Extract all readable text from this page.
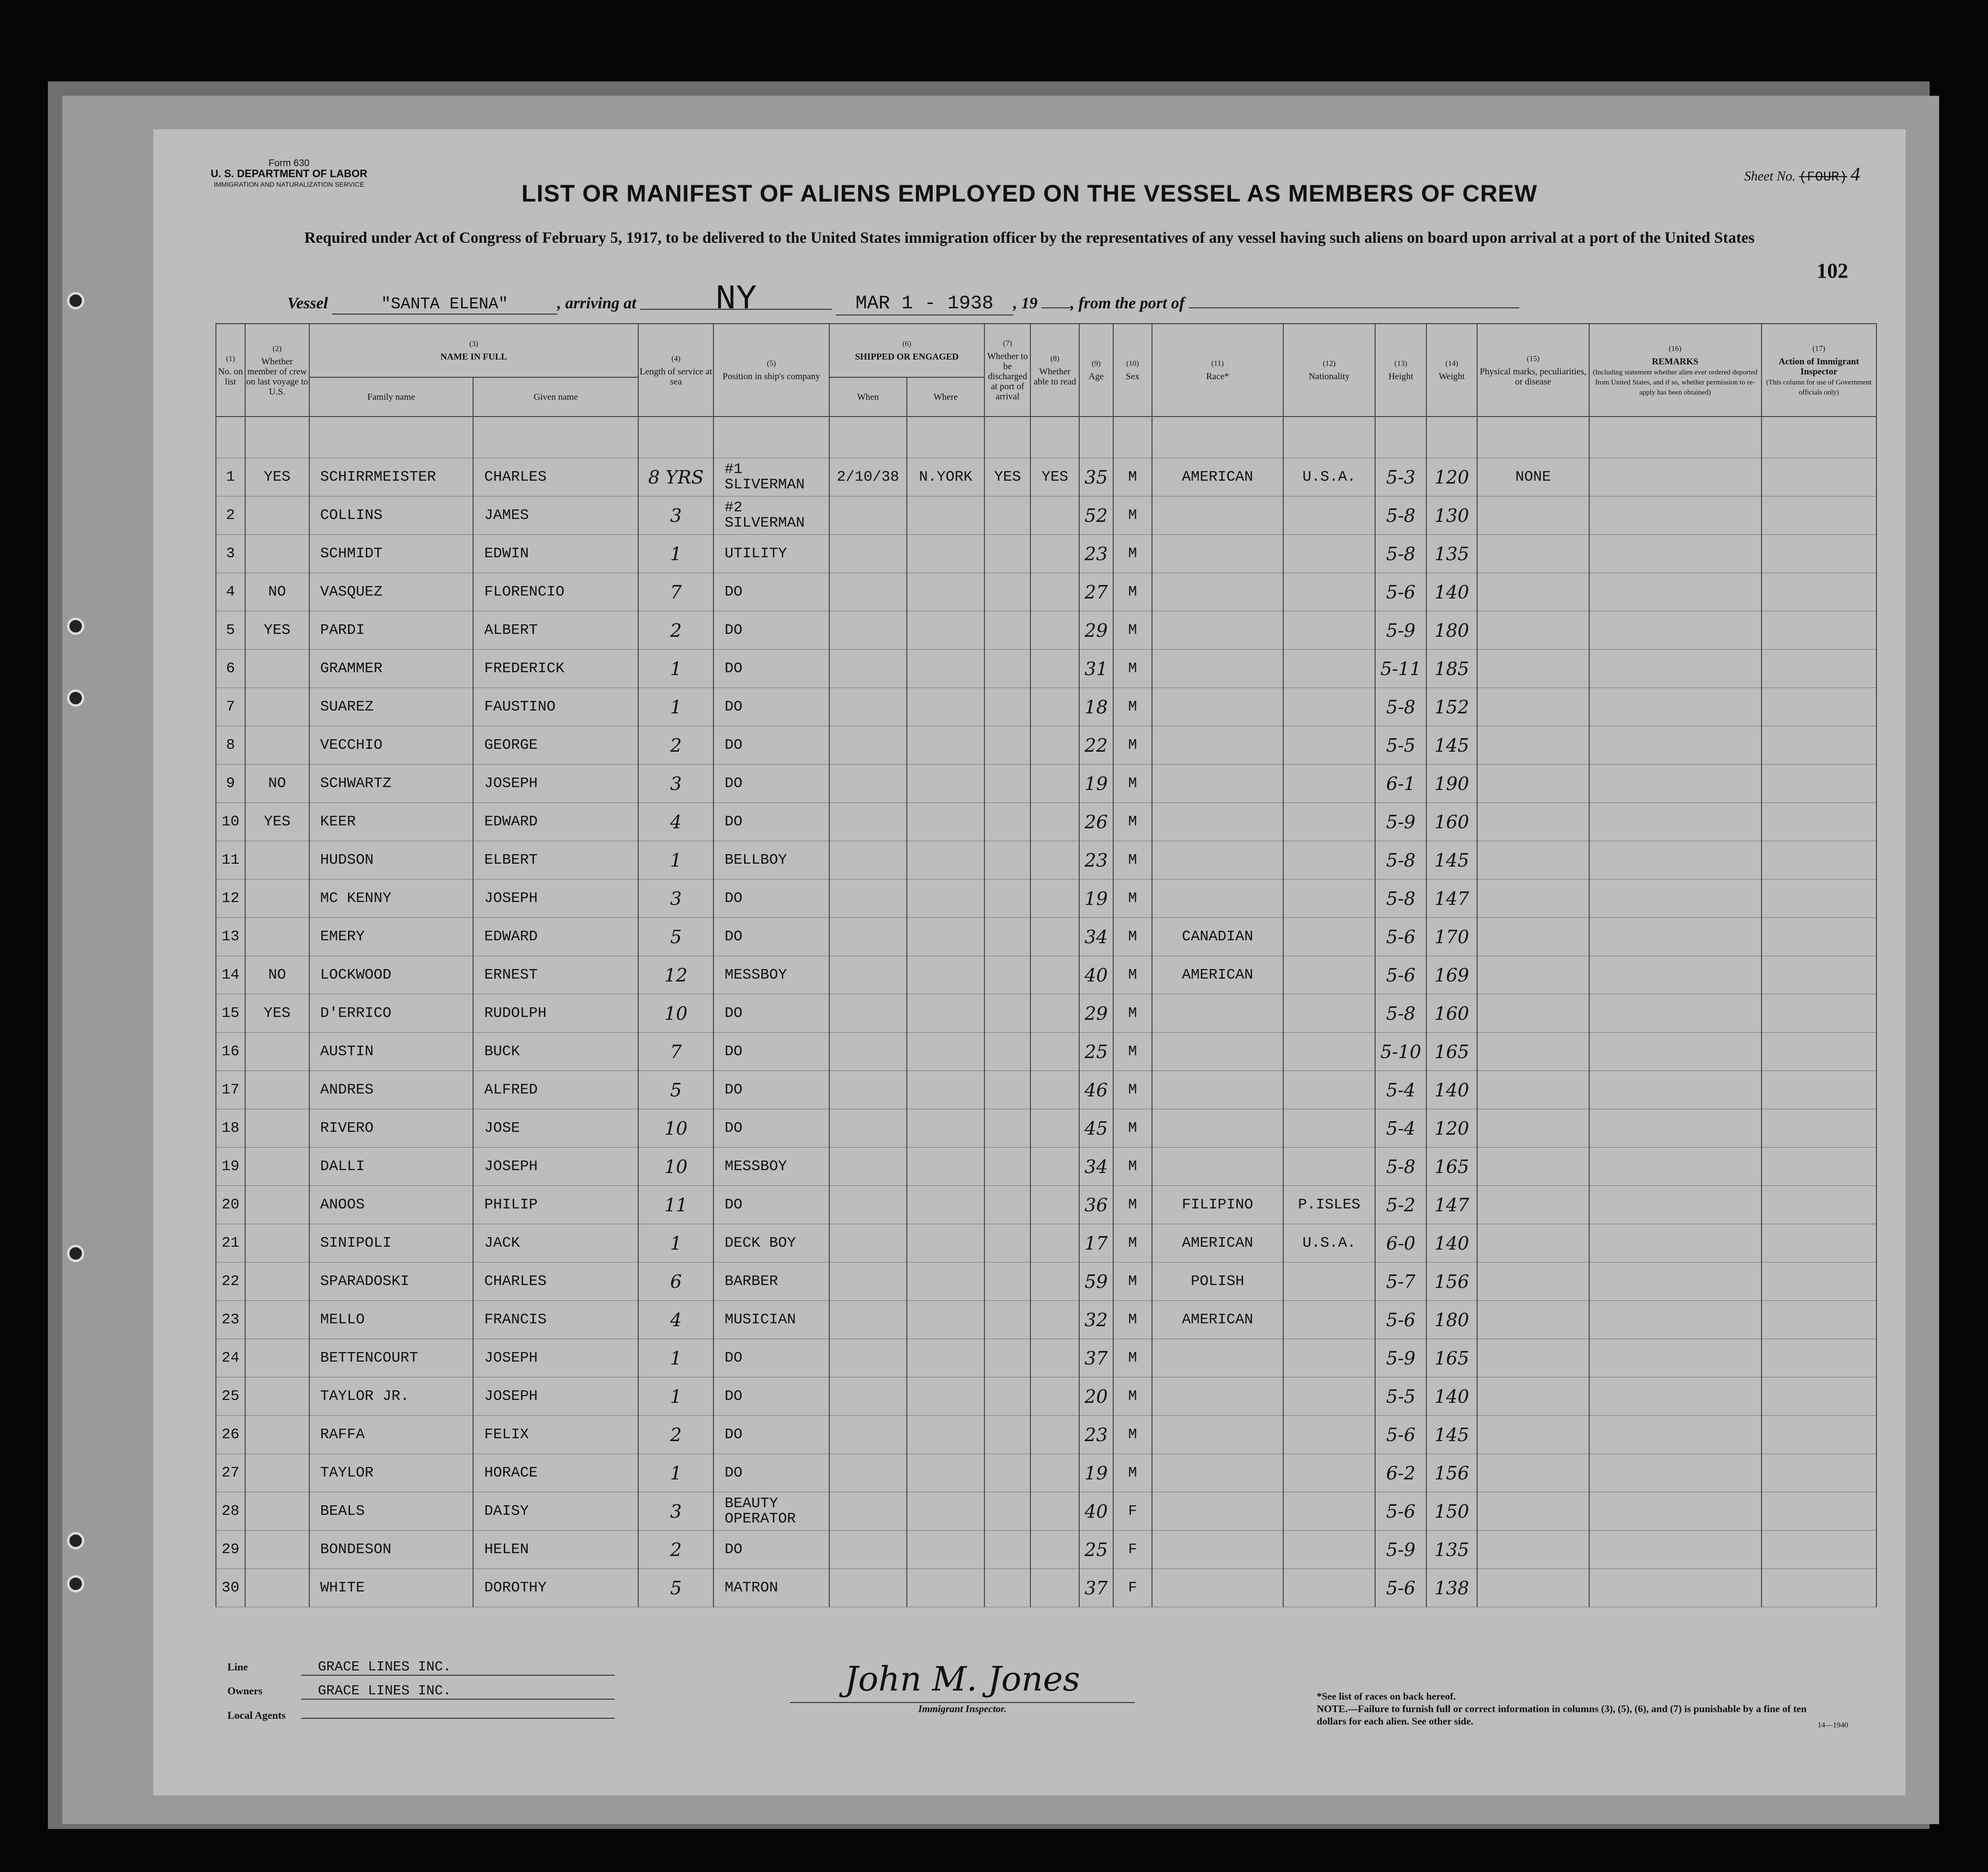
Form 630
U. S. DEPARTMENT OF LABOR
IMMIGRATION AND NATURALIZATION SERVICE
Sheet No. (FOUR) 4
LIST OR MANIFEST OF ALIENS EMPLOYED ON THE VESSEL AS MEMBERS OF CREW
Required under Act of Congress of February 5, 1917, to be delivered to the United States immigration officer by the representatives of any vessel having such aliens on board upon arrival at a port of the United States
102
Vessel	"SANTA ELENA"	, arriving at NY	MAR 1 - 1938 , 19 , from the port of
(1)
No. on list	(2)
Whether member of crew on last voyage to U.S.	(3)
NAME IN FULL		(4)
Length of service at sea	(5)
Position in ship's company	(6)
SHIPPED OR ENGAGED		(7)
Whether to be discharged at port of arrival	(8)
Whether able to read	(9)
Age	(10)
Sex	(11)
Race*	(12)
Nationality	(13)
Height	(14)
Weight	(15)
Physical marks, peculiarities, or disease	(16)
REMARKS
(Including statement whether alien ever ordered deported from United States, and if so, whether permission to re-apply has been obtained)	(17)
Action of Immigrant Inspector
(This column for use of Government officials only)
		Family name	Given name			When	Where											

1	YES	SCHIRRMEISTER	CHARLES	8 YRS	#1 SLIVERMAN	2/10/38	N.YORK	YES	YES	35	M	AMERICAN	U.S.A.	5-3	120	NONE		
2		COLLINS	JAMES	3	#2 SILVERMAN					52	M			5-8	130			
3		SCHMIDT	EDWIN	1	UTILITY					23	M			5-8	135			
4	NO	VASQUEZ	FLORENCIO	7	DO					27	M			5-6	140			
5	YES	PARDI	ALBERT	2	DO					29	M			5-9	180			
6		GRAMMER	FREDERICK	1	DO					31	M			5-11	185			
7		SUAREZ	FAUSTINO	1	DO					18	M			5-8	152			
8		VECCHIO	GEORGE	2	DO					22	M			5-5	145			
9	NO	SCHWARTZ	JOSEPH	3	DO					19	M			6-1	190			
10	YES	KEER	EDWARD	4	DO					26	M			5-9	160			
11		HUDSON	ELBERT	1	BELLBOY					23	M			5-8	145			
12		MC KENNY	JOSEPH	3	DO					19	M			5-8	147			
13		EMERY	EDWARD	5	DO					34	M	CANADIAN		5-6	170			
14	NO	LOCKWOOD	ERNEST	12	MESSBOY					40	M	AMERICAN		5-6	169			
15	YES	D'ERRICO	RUDOLPH	10	DO					29	M			5-8	160			
16		AUSTIN	BUCK	7	DO					25	M			5-10	165			
17		ANDRES	ALFRED	5	DO					46	M			5-4	140			
18		RIVERO	JOSE	10	DO					45	M			5-4	120			
19		DALLI	JOSEPH	10	MESSBOY					34	M			5-8	165			
20		ANOOS	PHILIP	11	DO					36	M	FILIPINO	P.ISLES	5-2	147			
21		SINIPOLI	JACK	1	DECK BOY					17	M	AMERICAN	U.S.A.	6-0	140			
22		SPARADOSKI	CHARLES	6	BARBER					59	M	POLISH		5-7	156			
23		MELLO	FRANCIS	4	MUSICIAN					32	M	AMERICAN		5-6	180			
24		BETTENCOURT	JOSEPH	1	DO					37	M			5-9	165			
25		TAYLOR JR.	JOSEPH	1	DO					20	M			5-5	140			
26		RAFFA	FELIX	2	DO					23	M			5-6	145			
27		TAYLOR	HORACE	1	DO					19	M			6-2	156			
28		BEALS	DAISY	3	BEAUTY OPERATOR					40	F			5-6	150			
29		BONDESON	HELEN	2	DO					25	F			5-9	135			
30		WHITE	DOROTHY	5	MATRON					37	F			5-6	138			
Line	GRACE LINES INC.
Owners	GRACE LINES INC.
Local Agents
John M. Jones
Immigrant Inspector.
*See list of races on back hereof.
NOTE.—Failure to furnish full or correct information in columns (3), (5), (6), and (7) is punishable by a fine of ten dollars for each alien. See other side.	14—1940
